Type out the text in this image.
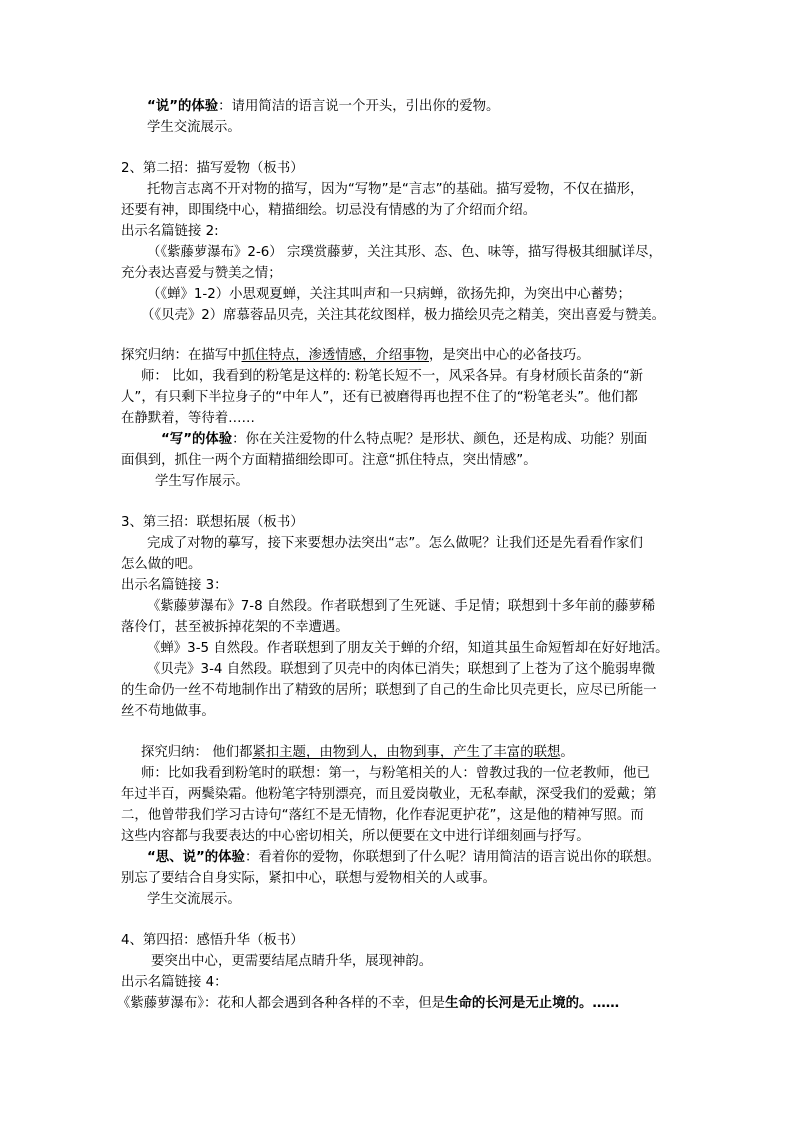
“说”的体验：请用简洁的语言说一个开头，引出你的爱物。
学生交流展示。
2、第二招：描写爱物（板书）
托物言志离不开对物的描写，因为“写物”是“言志”的基础。描写爱物，不仅在描形，
还要有神，即围绕中心，精描细绘。切忌没有情感的为了介绍而介绍。
出示名篇链接 2:
（《紫藤萝瀑布》2-6） 宗璞赏藤萝，关注其形、态、色、味等，描写得极其细腻详尽，
充分表达喜爱与赞美之情；
（《蝉》1-2）小思观夏蝉，关注其叫声和一只病蝉，欲扬先抑，为突出中心蓄势；
（《贝壳》2）席慕蓉品贝壳，关注其花纹图样，极力描绘贝壳之精美，突出喜爱与赞美。
探究归纳：在描写中抓住特点，渗透情感，介绍事物，是突出中心的必备技巧。
师： 比如，我看到的粉笔是这样的: 粉笔长短不一，风采各异。有身材颀长苗条的“新
人”，有只剩下半拉身子的“中年人”，还有已被磨得再也捏不住了的“粉笔老头”。他们都
在静默着，等待着……
“写”的体验：你在关注爱物的什么特点呢？是形状、颜色，还是构成、功能？别面
面俱到，抓住一两个方面精描细绘即可。注意“抓住特点，突出情感”。
学生写作展示。
3、第三招：联想拓展（板书）
完成了对物的摹写，接下来要想办法突出“志”。怎么做呢？让我们还是先看看作家们
怎么做的吧。
出示名篇链接 3：
《紫藤萝瀑布》7-8 自然段。作者联想到了生死谜、手足情；联想到十多年前的藤萝稀
落伶仃，甚至被拆掉花架的不幸遭遇。
《蝉》3-5 自然段。作者联想到了朋友关于蝉的介绍，知道其虽生命短暂却在好好地活。
《贝壳》3-4 自然段。联想到了贝壳中的肉体已消失；联想到了上苍为了这个脆弱卑微
的生命仍一丝不苟地制作出了精致的居所；联想到了自己的生命比贝壳更长，应尽已所能一
丝不苟地做事。
探究归纳： 他们都紧扣主题，由物到人，由物到事，产生了丰富的联想。
师：比如我看到粉笔时的联想：第一，与粉笔相关的人：曾教过我的一位老教师，他已
年过半百，两鬓染霜。他粉笔字特别漂亮，而且爱岗敬业，无私奉献，深受我们的爱戴；第
二，他曾带我们学习古诗句“落红不是无情物，化作春泥更护花”，这是他的精神写照。而
这些内容都与我要表达的中心密切相关，所以便要在文中进行详细刻画与抒写。
“思、说”的体验：看着你的爱物，你联想到了什么呢？请用简洁的语言说出你的联想。
别忘了要结合自身实际，紧扣中心，联想与爱物相关的人或事。
学生交流展示。
4、第四招：感悟升华（板书）
要突出中心，更需要结尾点睛升华，展现神韵。
出示名篇链接 4：
《紫藤萝瀑布》：花和人都会遇到各种各样的不幸，但是生命的长河是无止境的。……
